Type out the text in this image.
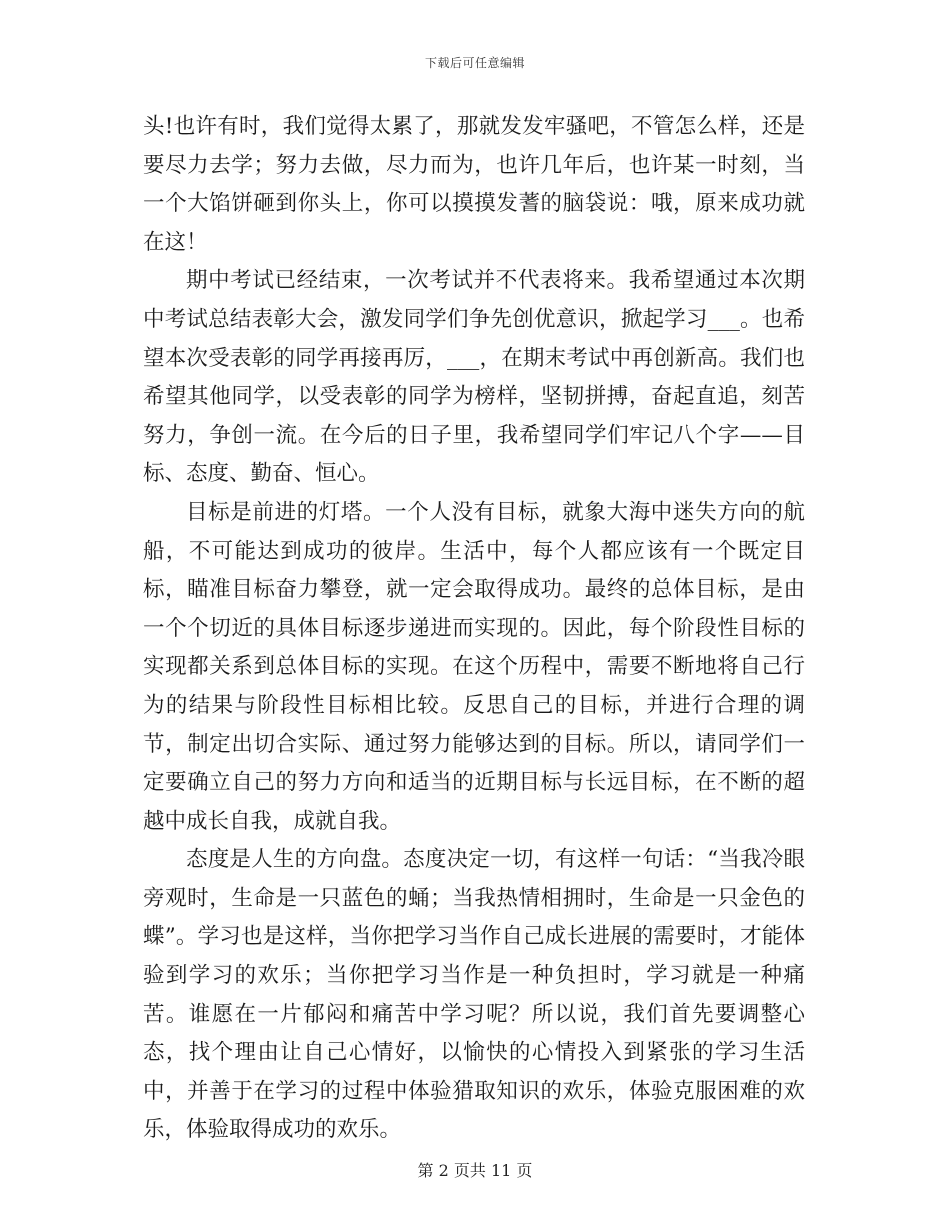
下载后可任意编辑

头!也许有时，我们觉得太累了，那就发发牢骚吧，不管怎么样，还是要尽力去学；努力去做，尽力而为，也许几年后，也许某一时刻，当一个大馅饼砸到你头上，你可以摸摸发蓍的脑袋说：哦，原来成功就在这！

期中考试已经结束，一次考试并不代表将来。我希望通过本次期中考试总结表彰大会，激发同学们争先创优意识，掀起学习___。也希望本次受表彰的同学再接再厉，___，在期末考试中再创新高。我们也希望其他同学，以受表彰的同学为榜样，坚韧拼搏，奋起直追，刻苦努力，争创一流。在今后的日子里，我希望同学们牢记八个字——目标、态度、勤奋、恒心。

目标是前进的灯塔。一个人没有目标，就象大海中迷失方向的航船，不可能达到成功的彼岸。生活中，每个人都应该有一个既定目标，瞄准目标奋力攀登，就一定会取得成功。最终的总体目标，是由一个个切近的具体目标逐步递进而实现的。因此，每个阶段性目标的实现都关系到总体目标的实现。在这个历程中，需要不断地将自己行为的结果与阶段性目标相比较。反思自己的目标，并进行合理的调节，制定出切合实际、通过努力能够达到的目标。所以，请同学们一定要确立自己的努力方向和适当的近期目标与长远目标，在不断的超越中成长自我，成就自我。

态度是人生的方向盘。态度决定一切，有这样一句话：“当我冷眼旁观时，生命是一只蓝色的蛹；当我热情相拥时，生命是一只金色的蝶”。学习也是这样，当你把学习当作自己成长进展的需要时，才能体验到学习的欢乐；当你把学习当作是一种负担时，学习就是一种痛苦。谁愿在一片郁闷和痛苦中学习呢？所以说，我们首先要调整心态，找个理由让自己心情好，以愉快的心情投入到紧张的学习生活中，并善于在学习的过程中体验猎取知识的欢乐，体验克服困难的欢乐，体验取得成功的欢乐。

第 2 页共 11 页
